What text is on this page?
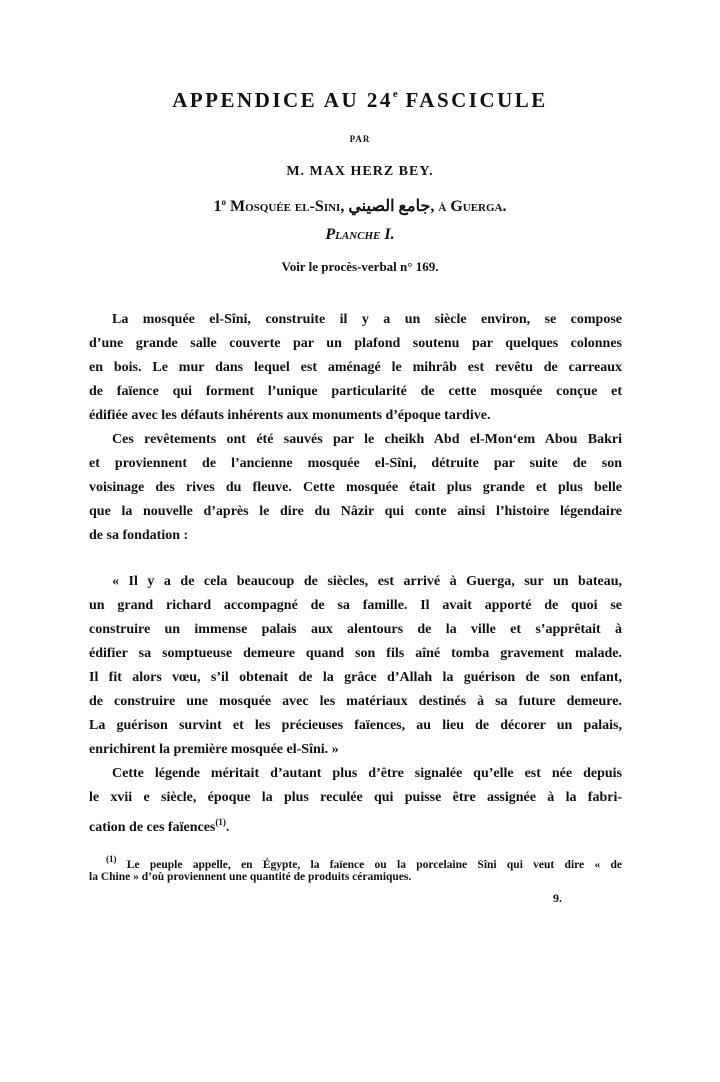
APPENDICE AU 24e FASCICULE
PAR
M. MAX HERZ BEY.
1$^o$ Mosquée el-Sini, جامع الصيني, à Guerga.
Planche I.
Voir le procès-verbal n° 169.
La mosquée el-Sîni, construite il y a un siècle environ, se compose
d’une grande salle couverte par un plafond soutenu par quelques colonnes
en bois. Le mur dans lequel est aménagé le mihrâb est revêtu de carreaux
de faïence qui forment l’unique particularité de cette mosquée conçue et
édifiée avec les défauts inhérents aux monuments d’époque tardive.
Ces revêtements ont été sauvés par le cheikh Abd el-Mon‘em Abou Bakri
et proviennent de l’ancienne mosquée el-Sîni, détruite par suite de son
voisinage des rives du fleuve. Cette mosquée était plus grande et plus belle
que la nouvelle d’après le dire du Nâzir qui conte ainsi l’histoire légendaire
de sa fondation :
« Il y a de cela beaucoup de siècles, est arrivé à Guerga, sur un bateau,
un grand richard accompagné de sa famille. Il avait apporté de quoi se
construire un immense palais aux alentours de la ville et s’apprêtait à
édifier sa somptueuse demeure quand son fils aîné tomba gravement malade.
Il fit alors vœu, s’il obtenait de la grâce d’Allah la guérison de son enfant,
de construire une mosquée avec les matériaux destinés à sa future demeure.
La guérison survint et les précieuses faïences, au lieu de décorer un palais,
enrichirent la première mosquée el-Sîni. »
Cette légende méritait d’autant plus d’être signalée qu’elle est née depuis
le xvii e siècle, époque la plus reculée qui puisse être assignée à la fabri-
cation de ces faïences$^{(1)}$.
$^{(1)}$ Le peuple appelle, en Égypte, la faïence ou la porcelaine Sîni qui veut dire « de
la Chine » d’où proviennent une quantité de produits céramiques.
9.
